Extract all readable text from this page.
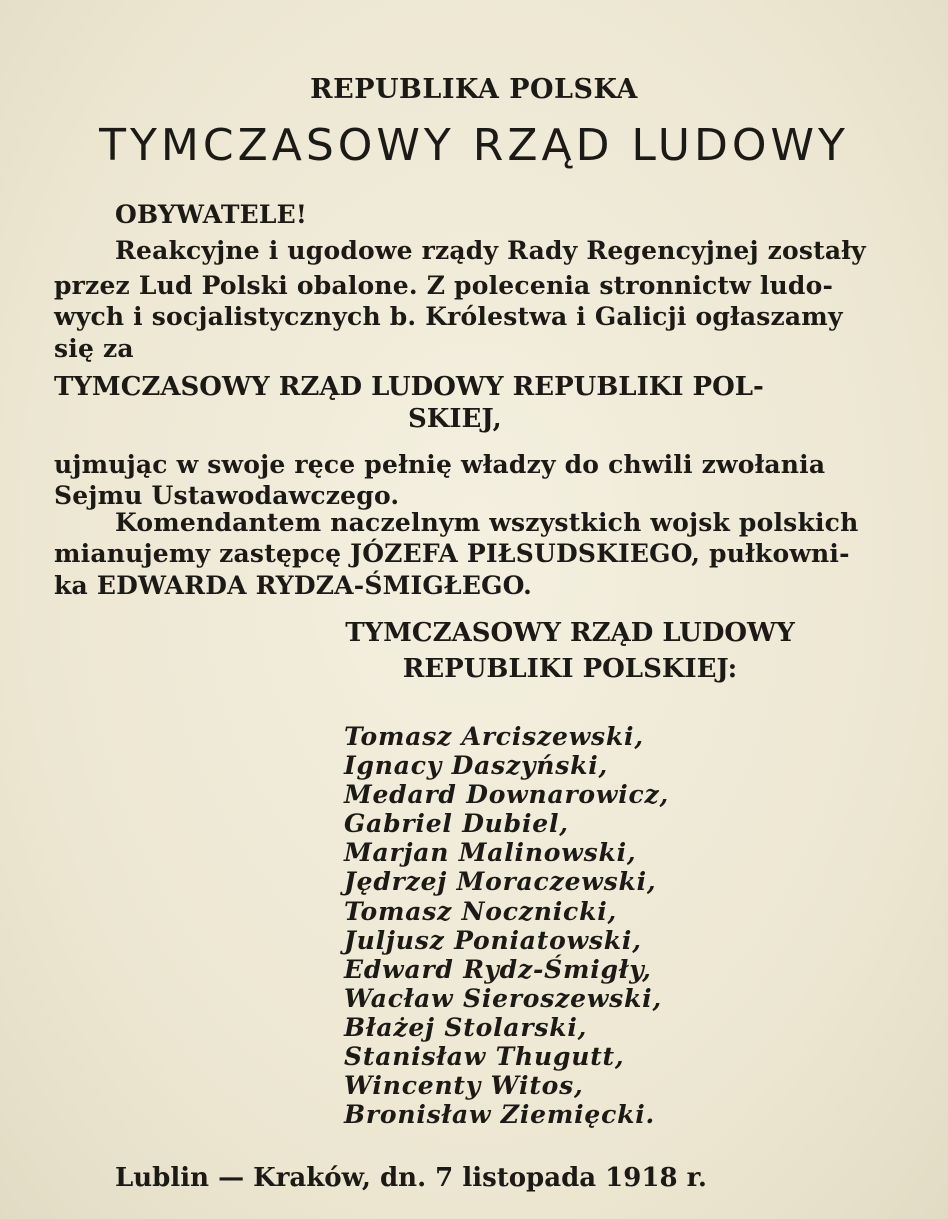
REPUBLIKA POLSKA
TYMCZASOWY RZĄD LUDOWY
OBYWATELE!
Reakcyjne i ugodowe rządy Rady Regencyjnej zostały
przez Lud Polski obalone. Z polecenia stronnictw ludo-
wych i socjalistycznych b. Królestwa i Galicji ogłaszamy
się za
TYMCZASOWY RZĄD LUDOWY REPUBLIKI POL-
SKIEJ,
ujmując w swoje ręce pełnię władzy do chwili zwołania
Sejmu Ustawodawczego.
Komendantem naczelnym wszystkich wojsk polskich
mianujemy zastępcę JÓZEFA PIŁSUDSKIEGO, pułkowni-
ka EDWARDA RYDZA-ŚMIGŁEGO.
TYMCZASOWY RZĄD LUDOWY
REPUBLIKI POLSKIEJ:
Tomasz Arciszewski,
Ignacy Daszyński,
Medard Downarowicz,
Gabriel Dubiel,
Marjan Malinowski,
Jędrzej Moraczewski,
Tomasz Nocznicki,
Juljusz Poniatowski,
Edward Rydz-Śmigły,
Wacław Sieroszewski,
Błażej Stolarski,
Stanisław Thugutt,
Wincenty Witos,
Bronisław Ziemięcki.
Lublin — Kraków, dn. 7 listopada 1918 r.
